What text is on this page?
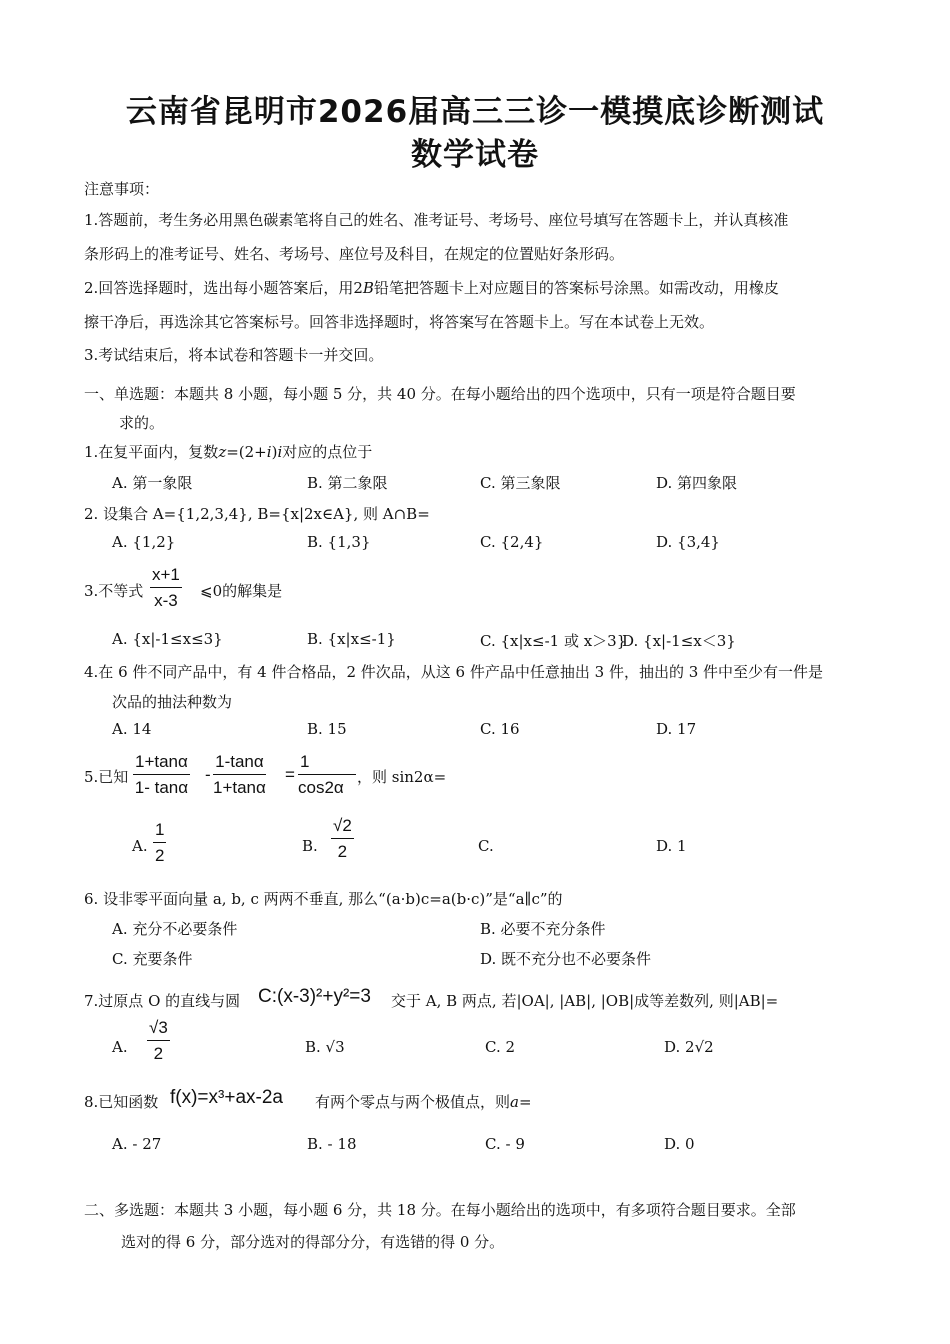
云南省昆明市2026届高三三诊一模摸底诊断测试
数学试卷
注意事项：
1.答题前，考生务必用黑色碳素笔将自己的姓名、准考证号、考场号、座位号填写在答题卡上，并认真核准
条形码上的准考证号、姓名、考场号、座位号及科目，在规定的位置贴好条形码。
2.回答选择题时，选出每小题答案后，用2B铅笔把答题卡上对应题目的答案标号涂黑。如需改动，用橡皮
擦干净后，再选涂其它答案标号。回答非选择题时，将答案写在答题卡上。写在本试卷上无效。
3.考试结束后，将本试卷和答题卡一并交回。
一、单选题：本题共 8 小题，每小题 5 分，共 40 分。在每小题给出的四个选项中，只有一项是符合题目要
求的。
1.在复平面内，复数z=(2+i)i对应的点位于
A. 第一象限	B. 第二象限	C. 第三象限	D. 第四象限
2. 设集合 A={1,2,3,4}, B={x|2x∈A}, 则 A∩B=
A. {1,2}	B. {1,3}	C. {2,4}	D. {3,4}
3.不等式 $\frac{x+1}{x-3}$ ⩽0的解集是
A. {x|-1≤x≤3}	B. {x|x≤-1}	C. {x|x≤-1 或 x＞3}
D. {x|-1≤x＜3}
4.在 6 件不同产品中，有 4 件合格品，2 件次品，从这 6 件产品中任意抽出 3 件，抽出的 3 件中至少有一件是
次品的抽法种数为
A. 14	B. 15	C. 16	D. 17
5.已知 $\frac{1+\tan\alpha}{1- \tan\alpha} - \frac{1-\tan\alpha}{1+\tan\alpha} = \frac{1}{\cos 2\alpha}$ ，则 sin2α=
A. $\frac{1}{2}$	B. $\frac{√2}{2}$	C.	D. 1
6. 设非零平面向量 a, b, c 两两不垂直, 那么“(a·b)c=a(b·c)”是“a∥c”的
A. 充分不必要条件	B. 必要不充分条件
C. 充要条件	D. 既不充分也不必要条件
7.过原点 O 的直线与圆 C:(x-3)²+y²=3 交于 A, B 两点, 若|OA|, |AB|, |OB|成等差数列, 则|AB|=
A. $\frac{√3}{2}$	B. √3	C. 2	D. 2√2
8.已知函数 f(x)=x³+ax-2a 有两个零点与两个极值点，则a=
A. - 27	B. - 18	C. - 9	D. 0
二、多选题：本题共 3 小题，每小题 6 分，共 18 分。在每小题给出的选项中，有多项符合题目要求。全部
选对的得 6 分，部分选对的得部分分，有选错的得 0 分。
